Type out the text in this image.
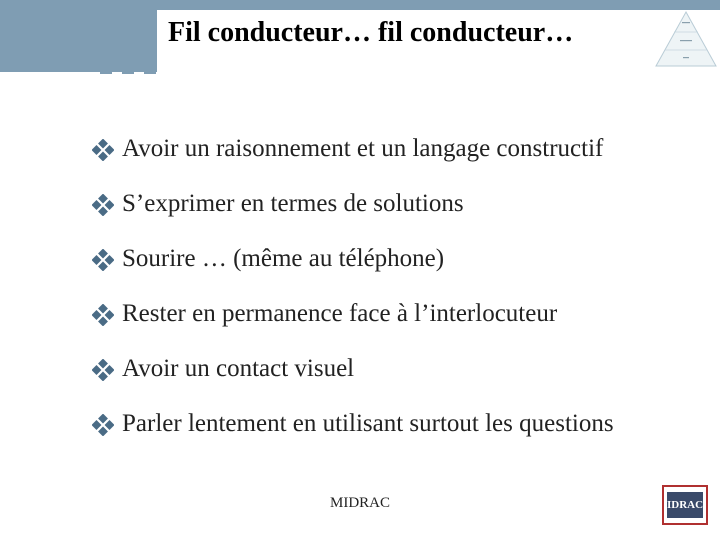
Fil conducteur… fil conducteur…
Avoir un raisonnement et un langage constructif
S’exprimer en termes de solutions
Sourire … (même au téléphone)
Rester en permanence face à l’interlocuteur
Avoir un contact visuel
Parler lentement en utilisant surtout les questions
MIDRAC	IDRAC
